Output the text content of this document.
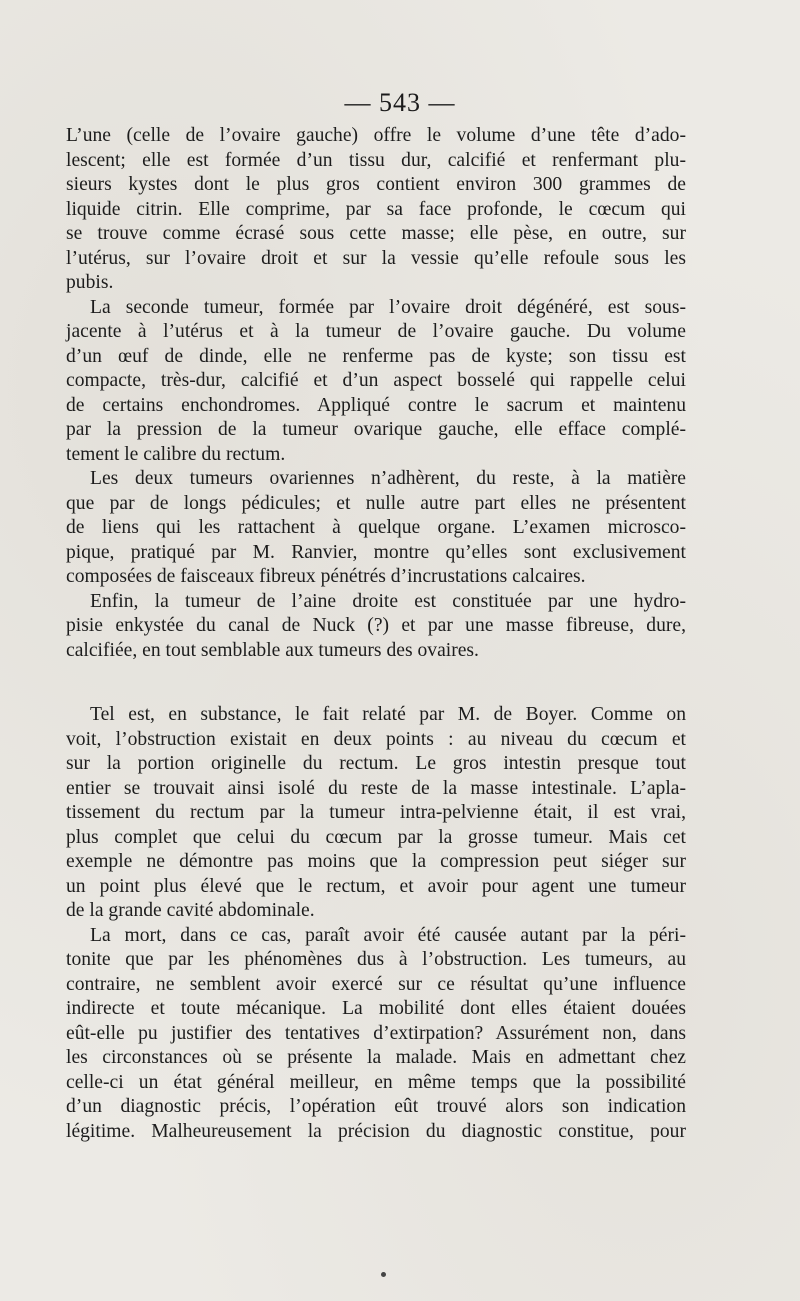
— 543 —
L’une (celle de l’ovaire gauche) offre le volume d’une tête d’ado-
lescent; elle est formée d’un tissu dur, calcifié et renfermant plu-
sieurs kystes dont le plus gros contient environ 300 grammes de
liquide citrin. Elle comprime, par sa face profonde, le cœcum qui
se trouve comme écrasé sous cette masse; elle pèse, en outre, sur
l’utérus, sur l’ovaire droit et sur la vessie qu’elle refoule sous les
pubis.
La seconde tumeur, formée par l’ovaire droit dégénéré, est sous-
jacente à l’utérus et à la tumeur de l’ovaire gauche. Du volume
d’un œuf de dinde, elle ne renferme pas de kyste; son tissu est
compacte, très-dur, calcifié et d’un aspect bosselé qui rappelle celui
de certains enchondromes. Appliqué contre le sacrum et maintenu
par la pression de la tumeur ovarique gauche, elle efface complé-
tement le calibre du rectum.
Les deux tumeurs ovariennes n’adhèrent, du reste, à la matière
que par de longs pédicules; et nulle autre part elles ne présentent
de liens qui les rattachent à quelque organe. L’examen microsco-
pique, pratiqué par M. Ranvier, montre qu’elles sont exclusivement
composées de faisceaux fibreux pénétrés d’incrustations calcaires.
Enfin, la tumeur de l’aine droite est constituée par une hydro-
pisie enkystée du canal de Nuck (?) et par une masse fibreuse, dure,
calcifiée, en tout semblable aux tumeurs des ovaires.
Tel est, en substance, le fait relaté par M. de Boyer. Comme on
voit, l’obstruction existait en deux points : au niveau du cœcum et
sur la portion originelle du rectum. Le gros intestin presque tout
entier se trouvait ainsi isolé du reste de la masse intestinale. L’apla-
tissement du rectum par la tumeur intra-pelvienne était, il est vrai,
plus complet que celui du cœcum par la grosse tumeur. Mais cet
exemple ne démontre pas moins que la compression peut siéger sur
un point plus élevé que le rectum, et avoir pour agent une tumeur
de la grande cavité abdominale.
La mort, dans ce cas, paraît avoir été causée autant par la péri-
tonite que par les phénomènes dus à l’obstruction. Les tumeurs, au
contraire, ne semblent avoir exercé sur ce résultat qu’une influence
indirecte et toute mécanique. La mobilité dont elles étaient douées
eût-elle pu justifier des tentatives d’extirpation? Assurément non, dans
les circonstances où se présente la malade. Mais en admettant chez
celle-ci un état général meilleur, en même temps que la possibilité
d’un diagnostic précis, l’opération eût trouvé alors son indication
légitime. Malheureusement la précision du diagnostic constitue, pour
